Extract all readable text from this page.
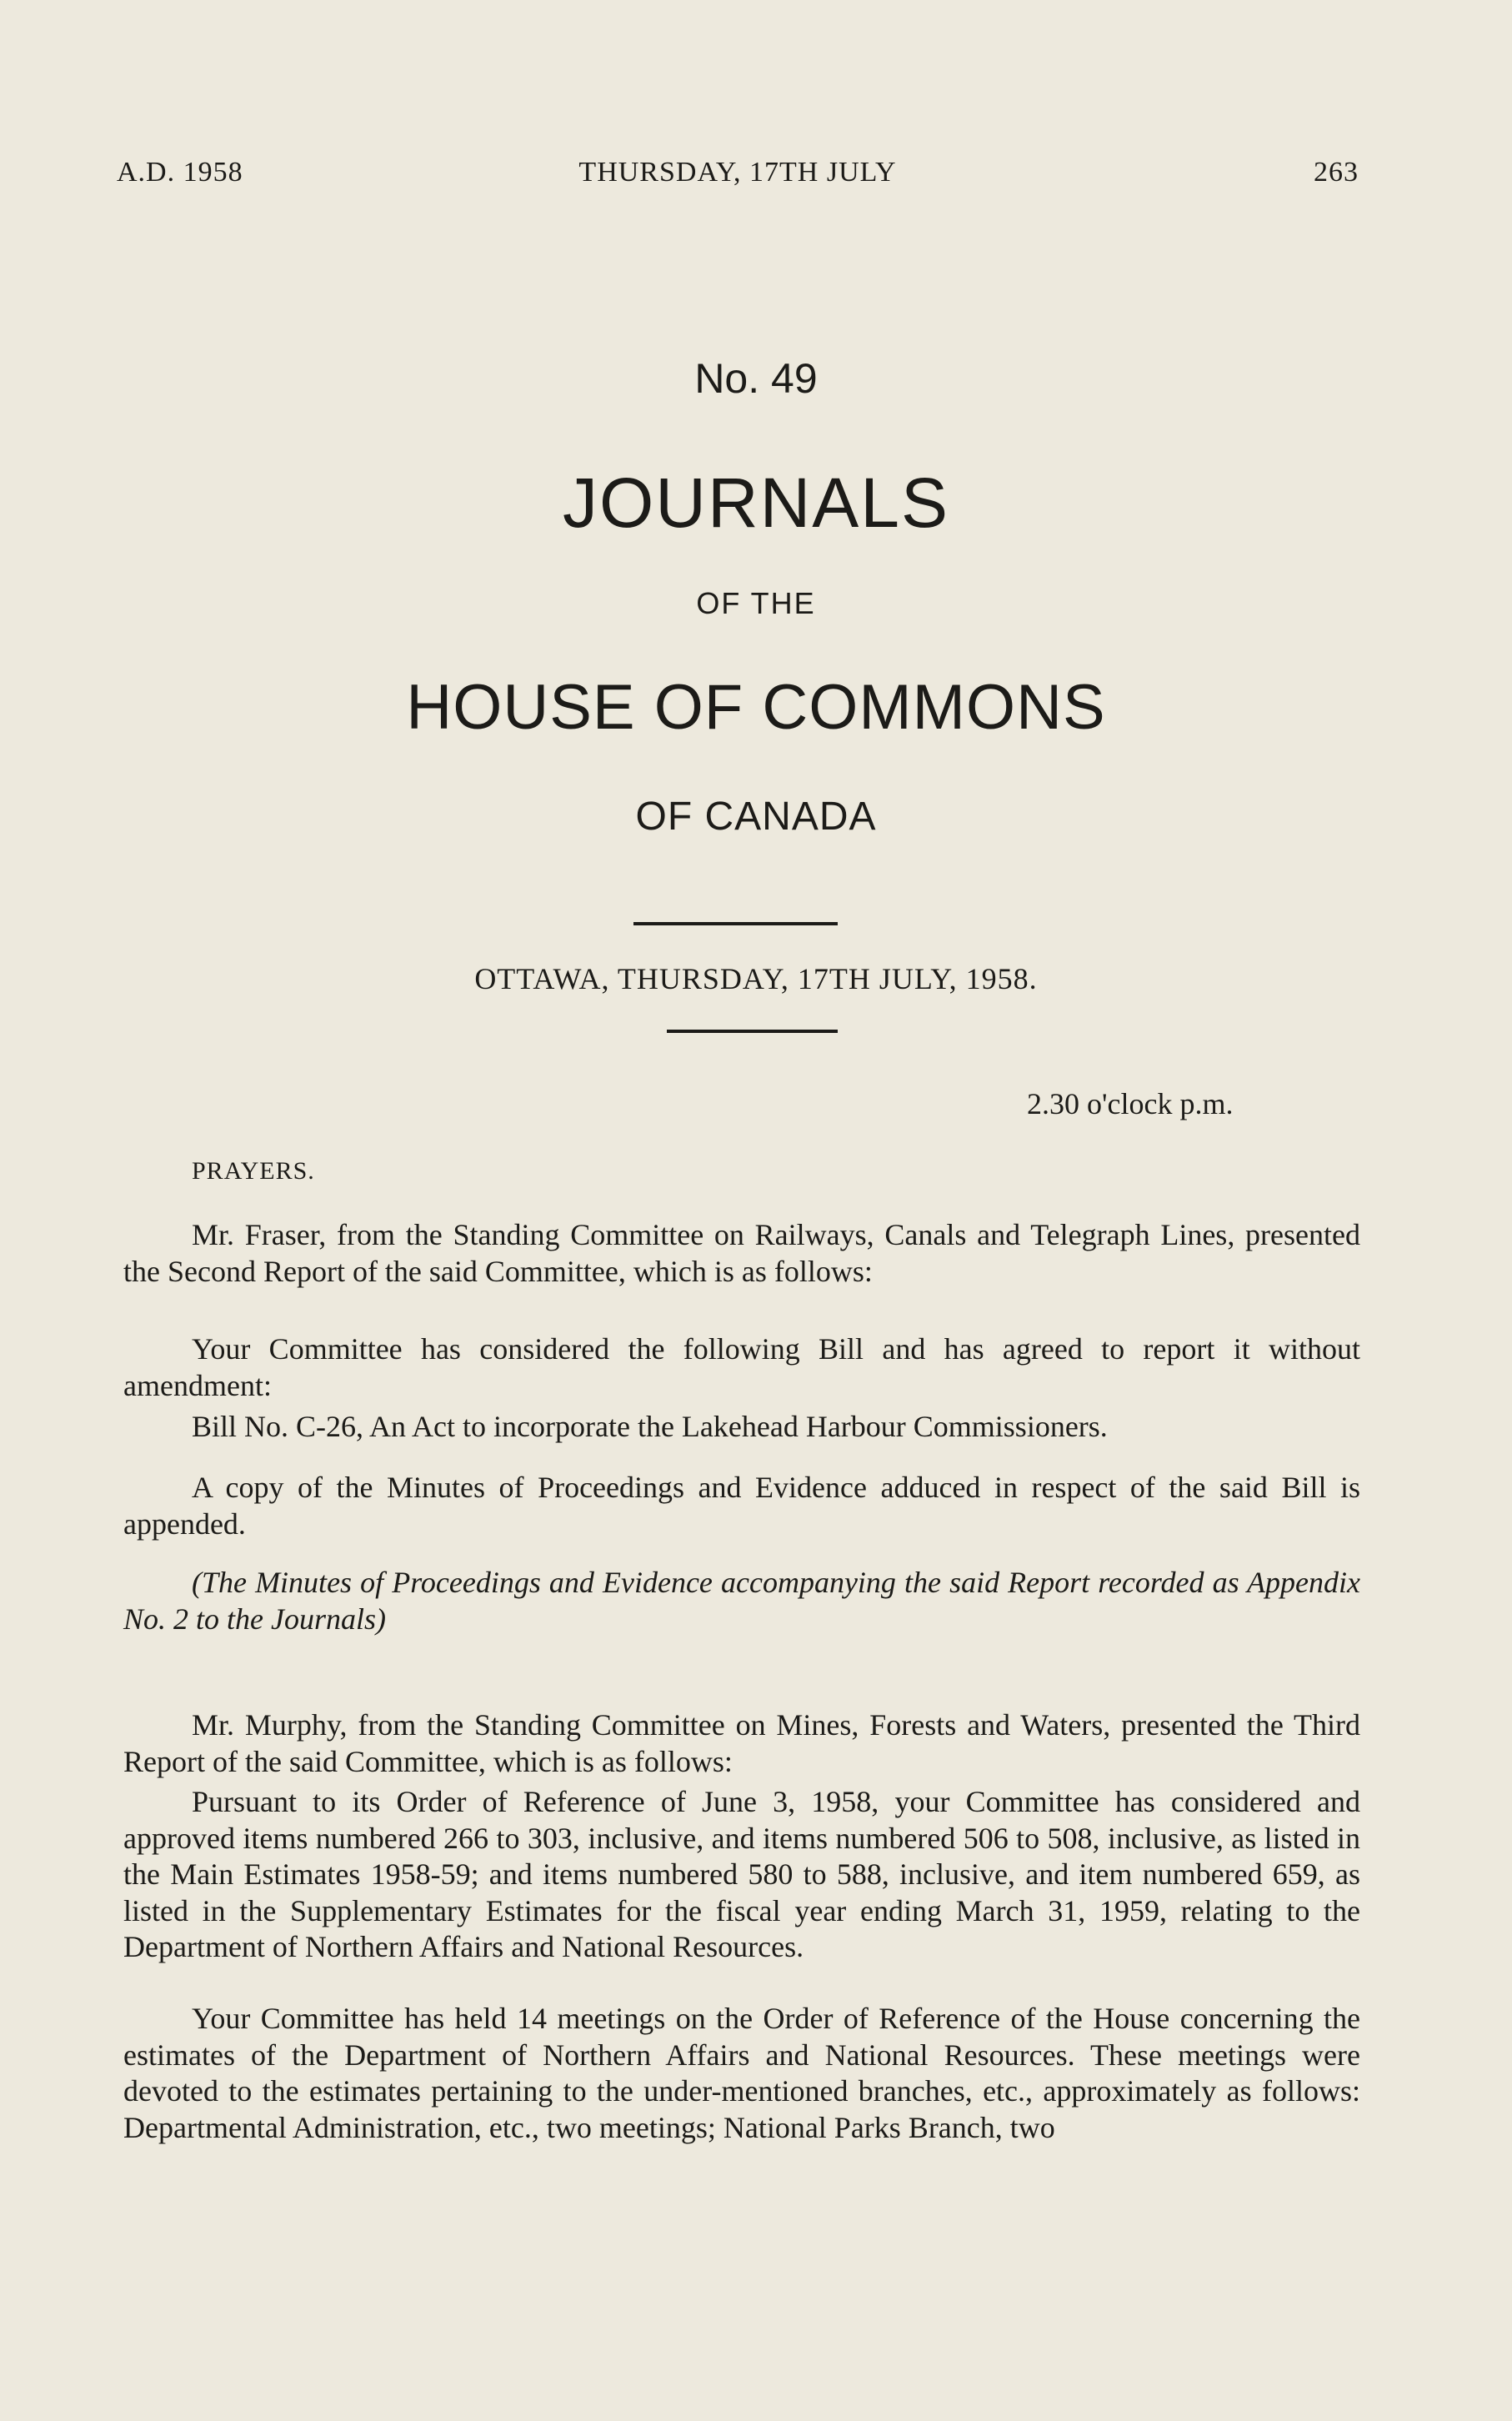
A.D. 1958	THURSDAY, 17TH JULY	263
No. 49
JOURNALS
OF THE
HOUSE OF COMMONS
OF CANADA
OTTAWA, THURSDAY, 17TH JULY, 1958.
2.30 o'clock p.m.
PRAYERS.

Mr. Fraser, from the Standing Committee on Railways, Canals and Telegraph Lines, presented the Second Report of the said Committee, which is as follows:

Your Committee has considered the following Bill and has agreed to report it without amendment:

Bill No. C-26, An Act to incorporate the Lakehead Harbour Commissioners.

A copy of the Minutes of Proceedings and Evidence adduced in respect of the said Bill is appended.

(The Minutes of Proceedings and Evidence accompanying the said Report recorded as Appendix No. 2 to the Journals)

Mr. Murphy, from the Standing Committee on Mines, Forests and Waters, presented the Third Report of the said Committee, which is as follows:

Pursuant to its Order of Reference of June 3, 1958, your Committee has considered and approved items numbered 266 to 303, inclusive, and items numbered 506 to 508, inclusive, as listed in the Main Estimates 1958-59; and items numbered 580 to 588, inclusive, and item numbered 659, as listed in the Supplementary Estimates for the fiscal year ending March 31, 1959, relating to the Department of Northern Affairs and National Resources.

Your Committee has held 14 meetings on the Order of Reference of the House concerning the estimates of the Department of Northern Affairs and National Resources. These meetings were devoted to the estimates pertaining to the under-mentioned branches, etc., approximately as follows: Departmental Administration, etc., two meetings; National Parks Branch, two
